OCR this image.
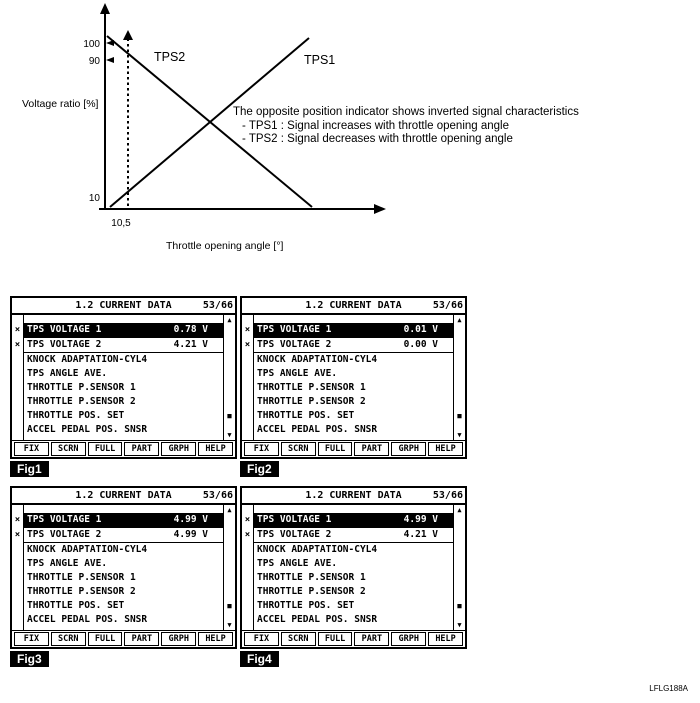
100
90
10
Voltage ratio [%]
TPS2	TPS1
10,5
Throttle opening angle [°]
The opposite position indicator shows inverted signal characteristics
- TPS1 : Signal increases with throttle opening angle
- TPS2 : Signal decreases with throttle opening angle
1.2 CURRENT DATA	53/66
×
×
TPS VOLTAGE 1	0.78 V
TPS VOLTAGE 2	4.21 V
KNOCK ADAPTATION-CYL4
TPS ANGLE AVE.
THROTTLE P.SENSOR 1
THROTTLE P.SENSOR 2
THROTTLE POS. SET
ACCEL PEDAL POS. SNSR
▲
■
▼
FIX	SCRN	FULL	PART	GRPH	HELP
Fig1
1.2 CURRENT DATA	53/66
×
×
TPS VOLTAGE 1	0.01 V
TPS VOLTAGE 2	0.00 V
KNOCK ADAPTATION-CYL4
TPS ANGLE AVE.
THROTTLE P.SENSOR 1
THROTTLE P.SENSOR 2
THROTTLE POS. SET
ACCEL PEDAL POS. SNSR
▲
■
▼
FIX	SCRN	FULL	PART	GRPH	HELP
Fig2
1.2 CURRENT DATA	53/66
×
×
TPS VOLTAGE 1	4.99 V
TPS VOLTAGE 2	4.99 V
KNOCK ADAPTATION-CYL4
TPS ANGLE AVE.
THROTTLE P.SENSOR 1
THROTTLE P.SENSOR 2
THROTTLE POS. SET
ACCEL PEDAL POS. SNSR
▲
■
▼
FIX	SCRN	FULL	PART	GRPH	HELP
Fig3
1.2 CURRENT DATA	53/66
×
×
TPS VOLTAGE 1	4.99 V
TPS VOLTAGE 2	4.21 V
KNOCK ADAPTATION-CYL4
TPS ANGLE AVE.
THROTTLE P.SENSOR 1
THROTTLE P.SENSOR 2
THROTTLE POS. SET
ACCEL PEDAL POS. SNSR
▲
■
▼
FIX	SCRN	FULL	PART	GRPH	HELP
Fig4
LFLG188A
